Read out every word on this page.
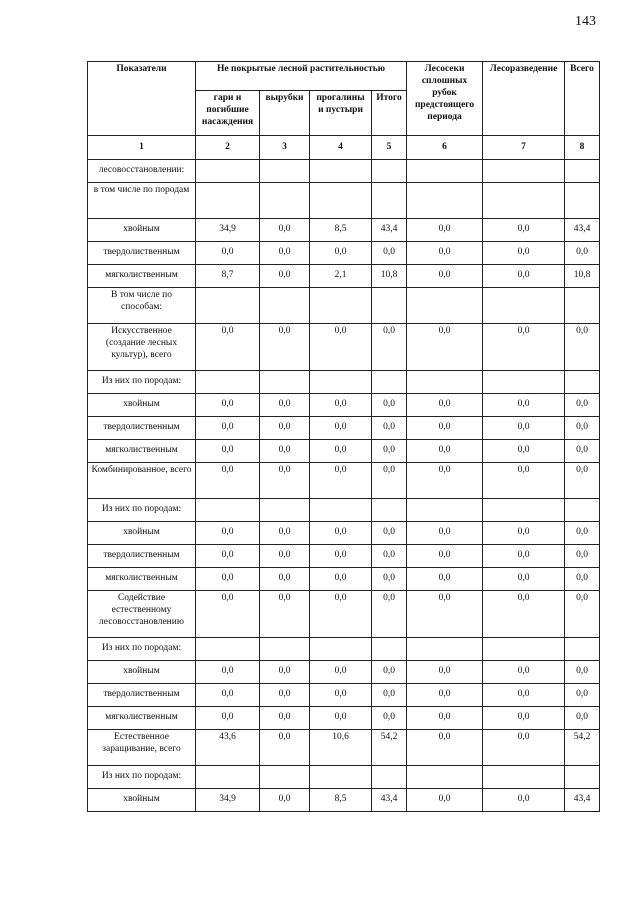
143
Показатели	Не покрытые лесной растительностью				Лесосеки сплошных рубок предстоящего периода	Лесоразведение	Всего
	гари и погибшие насаждения	вырубки	прогалины и пустыри	Итого			
1	2	3	4	5	6	7	8
лесовосстановлении:							
в том числе по породам							
хвойным	34,9	0,0	8,5	43,4	0,0	0,0	43,4
твердолиственным	0,0	0,0	0,0	0,0	0,0	0,0	0,0
мягколиственным	8,7	0,0	2,1	10,8	0,0	0,0	10,8
В том числе по способам:							
Искусственное (создание лесных культур), всего	0,0	0,0	0,0	0,0	0,0	0,0	0,0
Из них по породам:							
хвойным	0,0	0,0	0,0	0,0	0,0	0,0	0,0
твердолиственным	0,0	0,0	0,0	0,0	0,0	0,0	0,0
мягколиственным	0,0	0,0	0,0	0,0	0,0	0,0	0,0
Комбинированное, всего	0,0	0,0	0,0	0,0	0,0	0,0	0,0
Из них по породам:							
хвойным	0,0	0,0	0,0	0,0	0,0	0,0	0,0
твердолиственным	0,0	0,0	0,0	0,0	0,0	0,0	0,0
мягколиственным	0,0	0,0	0,0	0,0	0,0	0,0	0,0
Содействие естественному лесовосстановлению	0,0	0,0	0,0	0,0	0,0	0,0	0,0
Из них по породам:							
хвойным	0,0	0,0	0,0	0,0	0,0	0,0	0,0
твердолиственным	0,0	0,0	0,0	0,0	0,0	0,0	0,0
мягколиственным	0,0	0,0	0,0	0,0	0,0	0,0	0,0
Естественное заращивание, всего	43,6	0,0	10,6	54,2	0,0	0,0	54,2
Из них по породам:							
хвойным	34,9	0,0	8,5	43,4	0,0	0,0	43,4
